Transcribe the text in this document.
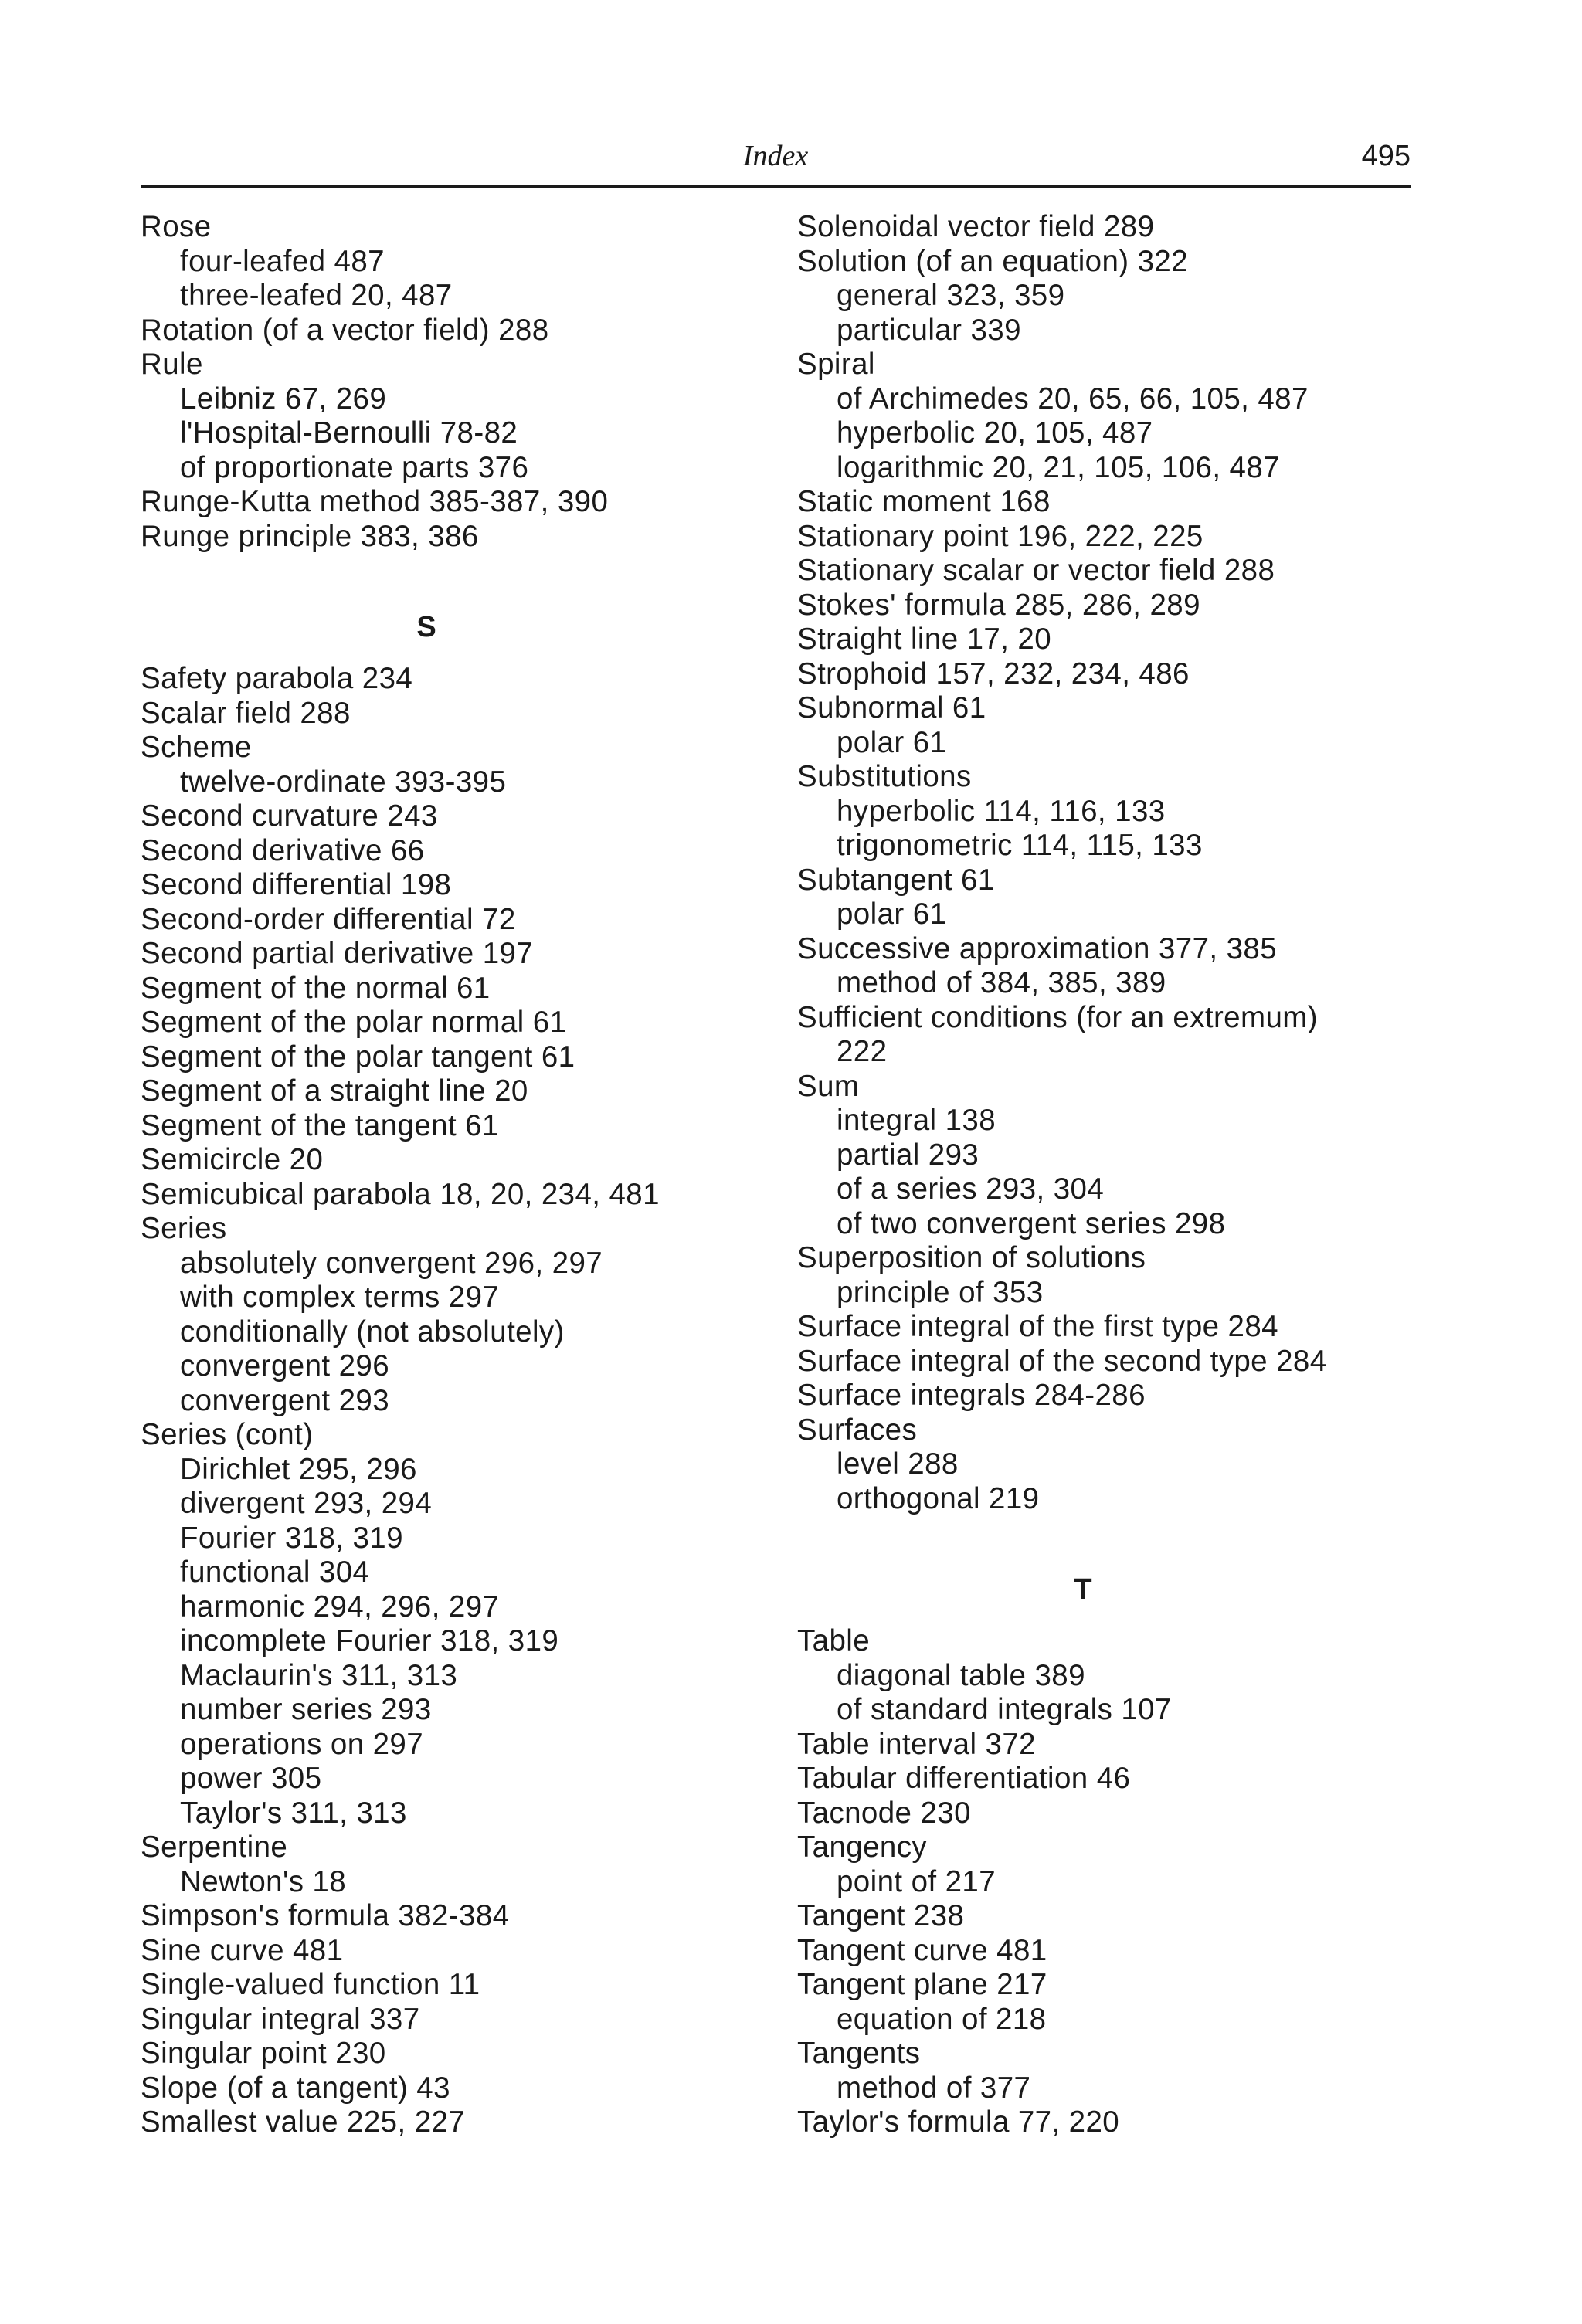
Index	495
Rose
four-leafed 487
three-leafed 20, 487
Rotation (of a vector field) 288
Rule
Leibniz 67, 269
l'Hospital-Bernoulli 78-82
of proportionate parts 376
Runge-Kutta method 385-387, 390
Runge principle 383, 386
S
Safety parabola 234
Scalar field 288
Scheme
twelve-ordinate 393-395
Second curvature 243
Second derivative 66
Second differential 198
Second-order differential 72
Second partial derivative 197
Segment of the normal 61
Segment of the polar normal 61
Segment of the polar tangent 61
Segment of a straight line 20
Segment of the tangent 61
Semicircle 20
Semicubical parabola 18, 20, 234, 481
Series
absolutely convergent 296, 297
with complex terms 297
conditionally (not absolutely)
convergent 296
convergent 293
Series (cont)
Dirichlet 295, 296
divergent 293, 294
Fourier 318, 319
functional 304
harmonic 294, 296, 297
incomplete Fourier 318, 319
Maclaurin's 311, 313
number series 293
operations on 297
power 305
Taylor's 311, 313
Serpentine
Newton's 18
Simpson's formula 382-384
Sine curve 481
Single-valued function 11
Singular integral 337
Singular point 230
Slope (of a tangent) 43
Smallest value 225, 227
Solenoidal vector field 289
Solution (of an equation) 322
general 323, 359
particular 339
Spiral
of Archimedes 20, 65, 66, 105, 487
hyperbolic 20, 105, 487
logarithmic 20, 21, 105, 106, 487
Static moment 168
Stationary point 196, 222, 225
Stationary scalar or vector field 288
Stokes' formula 285, 286, 289
Straight line 17, 20
Strophoid 157, 232, 234, 486
Subnormal 61
polar 61
Substitutions
hyperbolic 114, 116, 133
trigonometric 114, 115, 133
Subtangent 61
polar 61
Successive approximation 377, 385
method of 384, 385, 389
Sufficient conditions (for an extremum)
222
Sum
integral 138
partial 293
of a series 293, 304
of two convergent series 298
Superposition of solutions
principle of 353
Surface integral of the first type 284
Surface integral of the second type 284
Surface integrals 284-286
Surfaces
level 288
orthogonal 219
T
Table
diagonal table 389
of standard integrals 107
Table interval 372
Tabular differentiation 46
Tacnode 230
Tangency
point of 217
Tangent 238
Tangent curve 481
Tangent plane 217
equation of 218
Tangents
method of 377
Taylor's formula 77, 220
